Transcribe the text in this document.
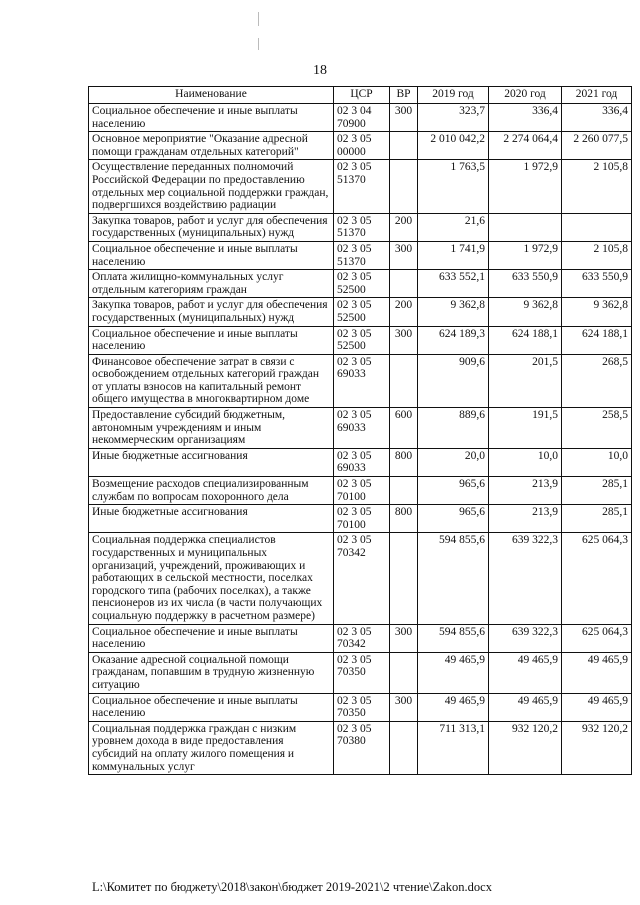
18
Наименование	ЦСР	ВР	2019 год	2020 год	2021 год
Социальное обеспечение и иные выплаты населению	02 3 04 70900	300	323,7	336,4	336,4
Основное мероприятие "Оказание адресной помощи гражданам отдельных категорий"	02 3 05 00000		2 010 042,2	2 274 064,4	2 260 077,5
Осуществление переданных полномочий Российской Федерации по предоставлению отдельных мер социальной поддержки граждан, подвергшихся воздействию радиации	02 3 05 51370		1 763,5	1 972,9	2 105,8
Закупка товаров, работ и услуг для обеспечения государственных (муниципальных) нужд	02 3 05 51370	200	21,6		
Социальное обеспечение и иные выплаты населению	02 3 05 51370	300	1 741,9	1 972,9	2 105,8
Оплата жилищно-коммунальных услуг отдельным категориям граждан	02 3 05 52500		633 552,1	633 550,9	633 550,9
Закупка товаров, работ и услуг для обеспечения государственных (муниципальных) нужд	02 3 05 52500	200	9 362,8	9 362,8	9 362,8
Социальное обеспечение и иные выплаты населению	02 3 05 52500	300	624 189,3	624 188,1	624 188,1
Финансовое обеспечение затрат в связи с освобождением отдельных категорий граждан от уплаты взносов на капитальный ремонт общего имущества в многоквартирном доме	02 3 05 69033		909,6	201,5	268,5
Предоставление субсидий бюджетным, автономным учреждениям и иным некоммерческим организациям	02 3 05 69033	600	889,6	191,5	258,5
Иные бюджетные ассигнования	02 3 05 69033	800	20,0	10,0	10,0
Возмещение расходов специализированным службам по вопросам похоронного дела	02 3 05 70100		965,6	213,9	285,1
Иные бюджетные ассигнования	02 3 05 70100	800	965,6	213,9	285,1
Социальная поддержка специалистов государственных и муниципальных организаций, учреждений, проживающих и работающих в сельской местности, поселках городского типа (рабочих поселках), а также пенсионеров из их числа (в части получающих социальную поддержку в расчетном размере)	02 3 05 70342		594 855,6	639 322,3	625 064,3
Социальное обеспечение и иные выплаты населению	02 3 05 70342	300	594 855,6	639 322,3	625 064,3
Оказание адресной социальной помощи гражданам, попавшим в трудную жизненную ситуацию	02 3 05 70350		49 465,9	49 465,9	49 465,9
Социальное обеспечение и иные выплаты населению	02 3 05 70350	300	49 465,9	49 465,9	49 465,9
Социальная поддержка граждан с низким уровнем дохода в виде предоставления субсидий на оплату жилого помещения и коммунальных услуг	02 3 05 70380		711 313,1	932 120,2	932 120,2
L:\Комитет по бюджету\2018\закон\бюджет 2019-2021\2 чтение\Zakon.docx
